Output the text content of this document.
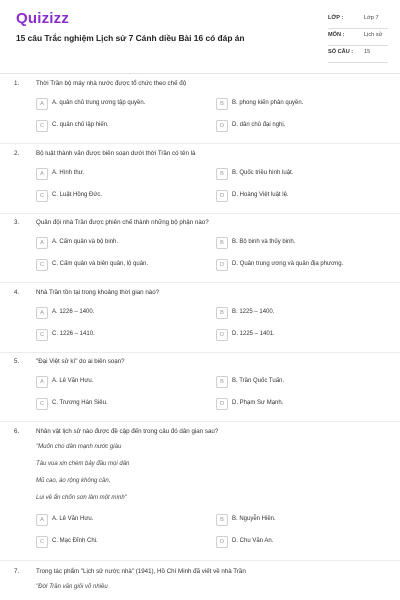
Quizizz
15 câu Trắc nghiệm Lịch sử 7 Cánh diều Bài 16 có đáp án
LỚP :	Lớp 7
MÔN :	Lịch sử
SỐ CÂU : 15
1.	Thời Trần bộ máy nhà nước được tổ chức theo chế độ
A	A. quân chủ trung ương tập quyền.	B	B. phong kiến phân quyền.
C	C. quân chủ lập hiến.	D	D. dân chủ đại nghị.
2.	Bộ luật thành văn được biên soạn dưới thời Trần có tên là
A	A. Hình thư.	B	B. Quốc triều hình luật.
C	C. Luật Hồng Đức.	D	D. Hoàng Việt luật lệ.
3.	Quân đội nhà Trần được phiên chế thành những bộ phận nào?
A	A. Cấm quân và bộ binh.	B	B. Bộ binh và thủy binh.
C	C. Cấm quân và biên quân, lộ quân.	D	D. Quân trung ương và quân địa phương.
4.	Nhà Trần tồn tại trong khoảng thời gian nào?
A	A. 1226 – 1400.	B	B. 1225 – 1400.
C	C. 1226 – 1410.	D	D. 1225 – 1401.
5.	"Đại Việt sử kí" do ai biên soạn?
A	A. Lê Văn Hưu.	B	B. Trần Quốc Tuấn.
C	C. Trương Hán Siêu.	D	D. Phạm Sư Mạnh.
6.	Nhân vật lịch sử nào được đề cập đến trong câu đó dân gian sau?
"Muốn cho dân mạnh nước giàu
Tâu vua xin chém bảy đầu mọi dân
Mũ cao, áo rộng không cần,
Lui về ẩn chốn sơn lâm một mình"
A	A. Lê Văn Hưu.	B	B. Nguyễn Hiền.
C	C. Mạc Đĩnh Chi.	D	D. Chu Văn An.
7.	Trong tác phẩm "Lịch sử nước nhà" (1941), Hồ Chí Minh đã viết về nhà Trần
"Đời Trần văn giỏi võ nhiều
